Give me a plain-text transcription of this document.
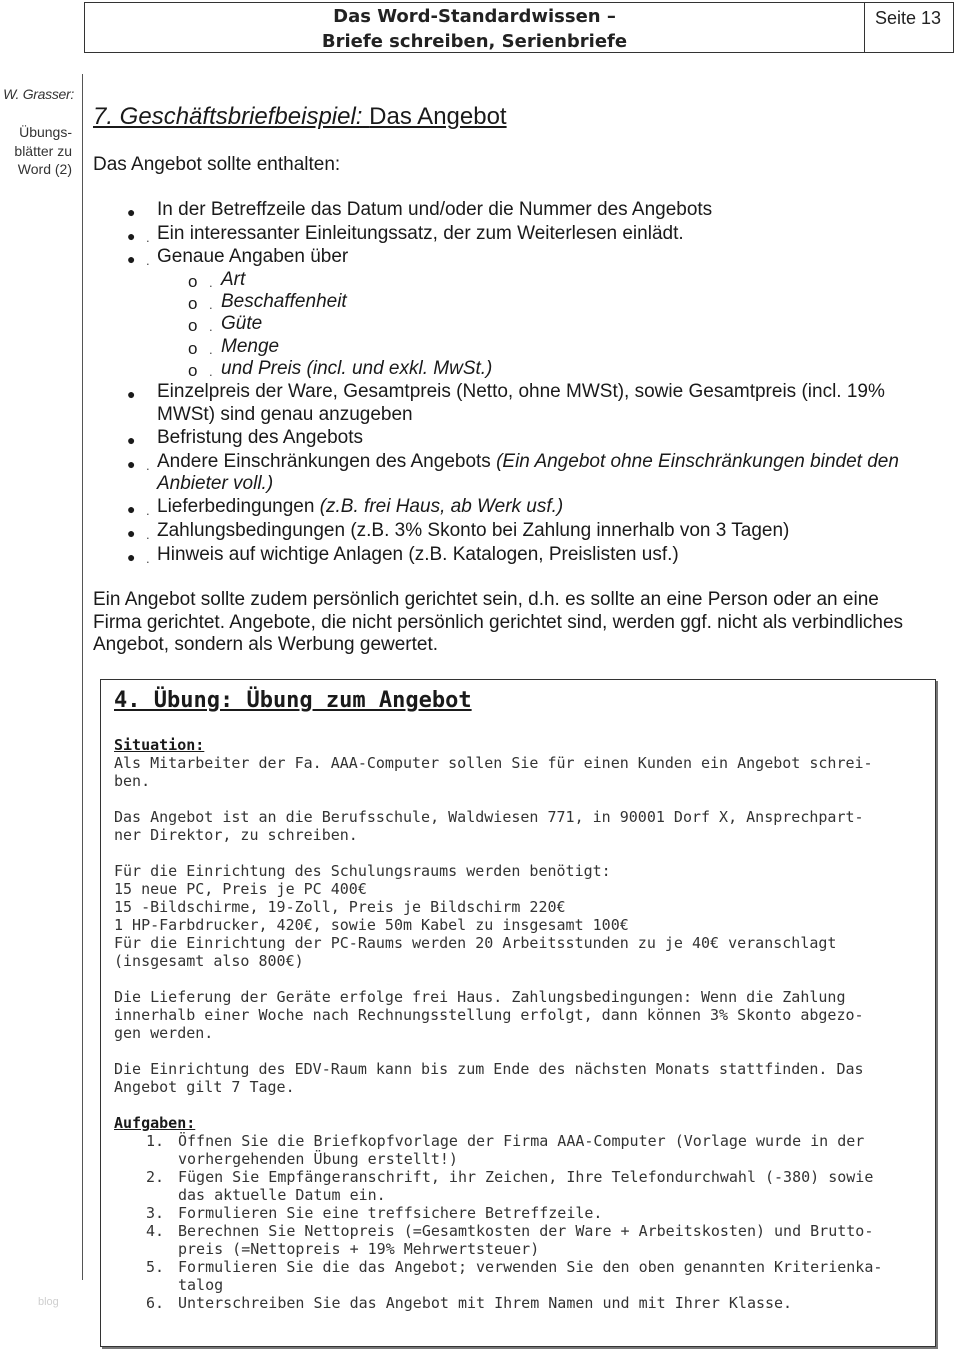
Das Word-Standardwissen –
Briefe schreiben, Serienbriefe
Seite 13
W. Grasser:
Übungs-
blätter zu
Word (2)
blog
7. Geschäftsbriefbeispiel: Das Angebot
Das Angebot sollte enthalten:
● In der Betreffzeile das Datum und/oder die Nummer des Angebots
● . Ein interessanter Einleitungssatz, der zum Weiterlesen einlädt.
● . Genaue Angaben über
o . Art
o . Beschaffenheit
o . Güte
o . Menge
o . und Preis (incl. und exkl. MwSt.)
● Einzelpreis der Ware, Gesamtpreis (Netto, ohne MWSt), sowie Gesamtpreis (incl. 19%
MWSt) sind genau anzugeben
● Befristung des Angebots
● . Andere Einschränkungen des Angebots (Ein Angebot ohne Einschränkungen bindet den
Anbieter voll.)
● . Lieferbedingungen (z.B. frei Haus, ab Werk usf.)
● . Zahlungsbedingungen (z.B. 3% Skonto bei Zahlung innerhalb von 3 Tagen)
● . Hinweis auf wichtige Anlagen (z.B. Katalogen, Preislisten usf.)
Ein Angebot sollte zudem persönlich gerichtet sein, d.h. es sollte an eine Person oder an eine
Firma gerichtet. Angebote, die nicht persönlich gerichtet sind, werden ggf. nicht als verbindliches
Angebot, sondern als Werbung gewertet.
4. Übung: Übung zum Angebot
Situation:
Als Mitarbeiter der Fa. AAA-Computer sollen Sie für einen Kunden ein Angebot schrei-
ben.
Das Angebot ist an die Berufsschule, Waldwiesen 771, in 90001 Dorf X, Ansprechpart-
ner Direktor, zu schreiben.
Für die Einrichtung des Schulungsraums werden benötigt:
15 neue PC, Preis je PC 400€
15 -Bildschirme, 19-Zoll, Preis je Bildschirm 220€
1 HP-Farbdrucker, 420€, sowie 50m Kabel zu insgesamt 100€
Für die Einrichtung der PC-Raums werden 20 Arbeitsstunden zu je 40€ veranschlagt
(insgesamt also 800€)
Die Lieferung der Geräte erfolge frei Haus. Zahlungsbedingungen: Wenn die Zahlung
innerhalb einer Woche nach Rechnungsstellung erfolgt, dann können 3% Skonto abgezo-
gen werden.
Die Einrichtung des EDV-Raum kann bis zum Ende des nächsten Monats stattfinden. Das
Angebot gilt 7 Tage.
Aufgaben:
1. Öffnen Sie die Briefkopfvorlage der Firma AAA-Computer (Vorlage wurde in der
vorhergehenden Übung erstellt!)
2. Fügen Sie Empfängeranschrift, ihr Zeichen, Ihre Telefondurchwahl (-380) sowie
das aktuelle Datum ein.
3. Formulieren Sie eine treffsichere Betreffzeile.
4. Berechnen Sie Nettopreis (=Gesamtkosten der Ware + Arbeitskosten) und Brutto-
preis (=Nettopreis + 19% Mehrwertsteuer)
5. Formulieren Sie die das Angebot; verwenden Sie den oben genannten Kriterienka-
talog
6. Unterschreiben Sie das Angebot mit Ihrem Namen und mit Ihrer Klasse.
